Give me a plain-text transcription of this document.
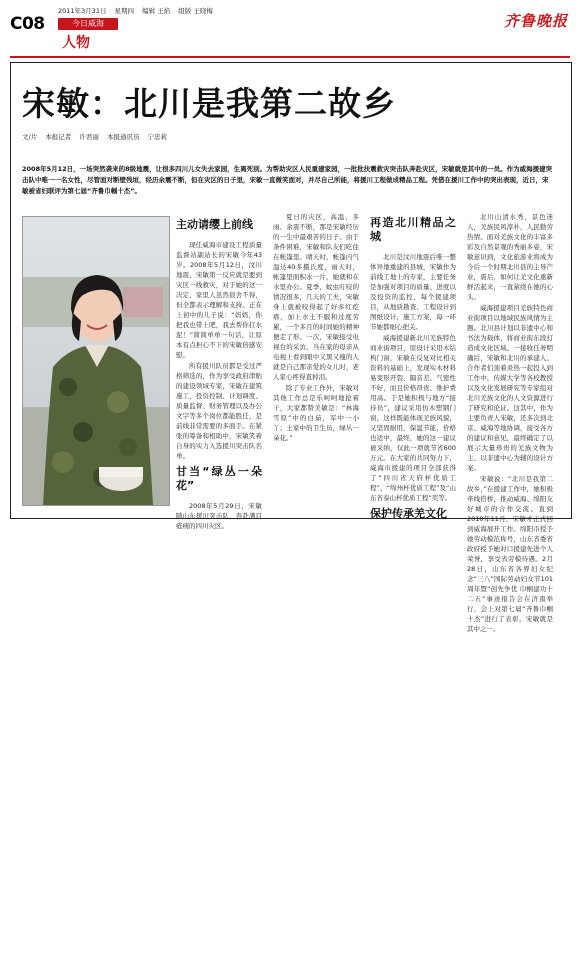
C08
2011年3月31日 星期四 编辑 王焰 组版 王晓梅
今日威海
人物
齐鲁晚报
宋敏：北川是我第二故乡
文/片 本报记者 许君丽 本报通讯员 宁忠莉
2008年5月12日，一场突然袭来的8级地震，让很多四川儿女失去家园，生离死别。为帮助灾区人民重建家园，一批批扶震救灾突击队奔赴灾区，宋敏就是其中的一员。作为威海援建突击队中唯一一名女性，尽管面对断壁残垣，经历余震不断，但在灾区的日子里，宋敏一直微笑面对，并尽自己所能，将援川工程做成精品工程。凭借在援川工作中的突出表现，近日，宋敏被省妇联评为第七届“齐鲁巾帼十杰”。
主动请缨上前线

现任威海市建设工程质量监督站副站长的宋敏今年43岁。2008年5月12日，汶川地震，宋敏第一反应就是要到灾区一线救灾，对于她的这一决定，家里人虽然很舍不得，但全都表示理解和支持。正在上初中的儿子说：“妈妈，你把我也带上吧，我去帮你扛水泥！”简简单单一句话，让原本有点担心不下的宋敏倍感安慰。

所有援川队员都是受过严格筛选的，作为享受政府津贴的建设领域专家，宋敏在建筑施工、投资控制、计划调度、质量监督、财务管理以及办公文字等多个岗位都能胜任，是前线非常需要的多面手。在紧张的筹备和相助中，宋敏笑着自身的实力入选援川突击队名单。

甘当“绿丛一朵花”

2008年5月29日，宋敏随山东援川突击队，奔赴满目疮痍的四川灾区。

夏日的灾区，高温、多雨、余震不断，那是宋敏经历的一生中最艰苦的日子。由于条件困难，宋敏和队友们吃住在帐篷里。晴天时，帐篷内气温达40多摄氏度，雨天时，帐篷里面积水一片，她就和在水里办公。夏季，蚊虫叮咬的情况很多，几天的工夫，宋敏身上就被咬得起了好多红疙瘩，加上水土不服和过度劳累，一个多月的时间她的精神便走了形。一次，宋敏接受电视台的采访，当在家的母亲从电视上看到眼中又黑又瘦的人就是自己那亲爱的女儿时，老人家心疼得直掉泪。

除了专业工作外，宋敏对其他工作总是乐呵呵地抢着干，大家都赞美敏是：“林海雪原”中的白茹，军中一小丫；土家中的卫生员，绿丛一朵花。”

再造北川精品之城

北川是汶川地震后唯一整体异地重建的县城，宋敏作为前线工地上的专家，主要任务是加强对项目的质量、进度以及投资的监控，每个援建项目，从地质勘查、工程设计到图纸设计，施工方案，每一环节她都细心把关。

威海援建新北川羌族特色商业街项目，原设计采用木结构门窗，宋敏在反复对比相关资料的基础上，发现实木材料易变形开裂、隔音差、气密性不好，而且价格昂贵、维护费用高。于是她积极与地方“接待员”，建议采用仿木塑钢门窗，这样既能体现羌族风貌，又坚固耐用，保温节能，价格也适中，最终，她的这一建议被采纳，仅此一项就节省600万元。在大家的共同努力下，威海市援建的项目全部获得了“四川省天府杯优质工程”，“绵州杯优质工程”及“山东省泰山杯优质工程”奖等。

保护传承羌文化

北川山清水秀，景色迷人，羌族民风淳朴，人民勤劳热情。面对羌族文化的丰富多彩及自然景观的秀丽多姿，宋敏意识到，文化旅游业将成为今后一个时期北川县的主导产业，震后，如何让羌文化重新鲜活起来，一直萦绕在她的心头。

威海援建项目羌族特色商业街项目以地域民族风情为主题。北川县计划以非遗中心和书法为载体，将商业街东段打造成文化区域。一接收任务明确后，宋敏和北川的承建人、合作者们顶着炎热一起投入到工作中，传媒大学等各校教授以及文化发展研究等专家组对北川羌族文化的人文资源进行了研究和论证。这其中，作为主要负责人宋敏，还多次到北京、威海等地协调，接受各方的建议和意见，最终确定了以展示大量珍贵的羌族文物为主、以非遗中心为辅的设计方案。

宋敏说：“北川是我第二故乡，”在援建工作中，她积极牵线搭桥，推动威海、绵阳友好城市的合作交流。直到2010年11月，宋敏才正式回到威海展开工作。绵阳市授予她劳动模范称号，山东省委省政府授予她对口援建先进个人荣誉，享受省劳模待遇。2月28日，山东省各界妇女纪念“三八”国际劳动妇女节101周年暨“创先争优 巾帼建功十二五”事迹报告会在济南举行，会上对第七届“齐鲁巾帼十杰”进行了表彰，宋敏就是其中之一。
